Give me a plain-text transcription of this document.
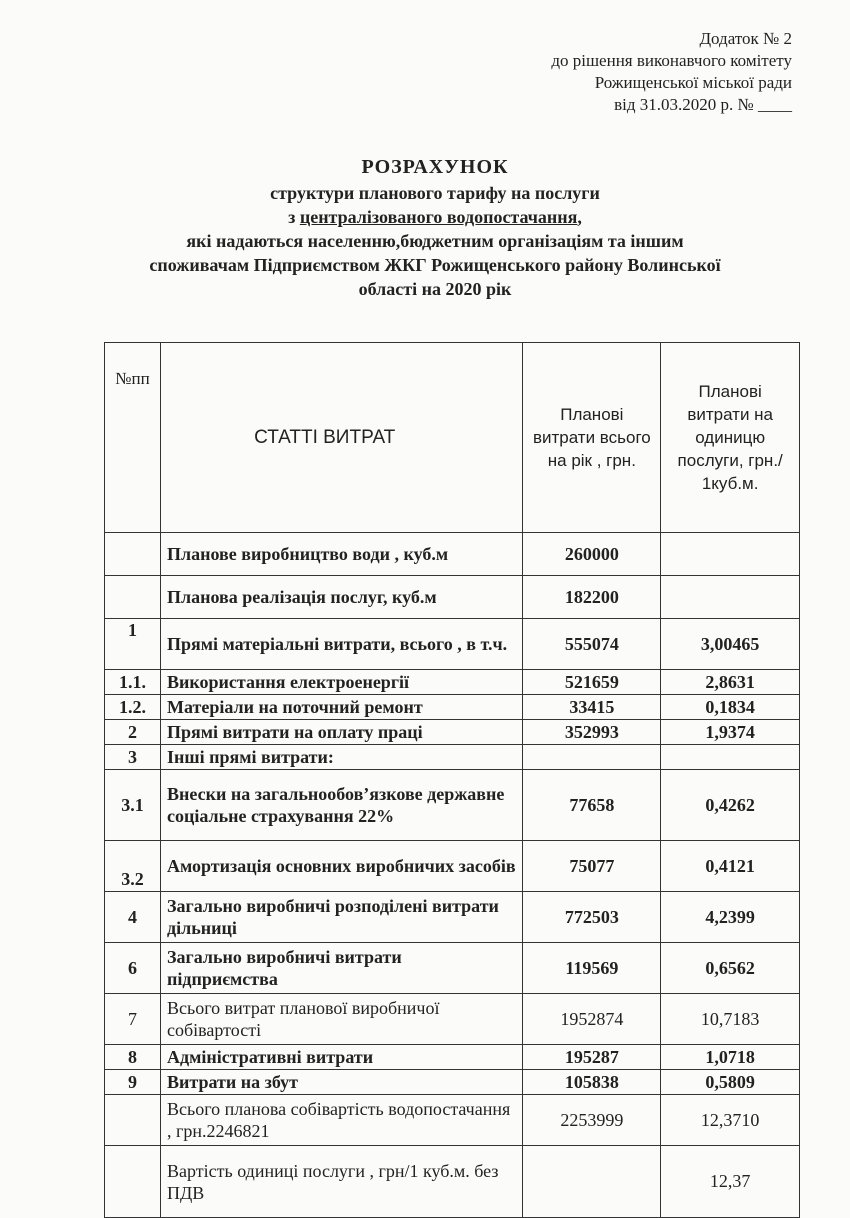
Додаток № 2
до рішення виконавчого комітету
Рожищенської міської ради
від 31.03.2020 р. № ____
РОЗРАХУНОК
структури планового тарифу на послуги
з централізованого водопостачання,
які надаються населенню,бюджетним організаціям та іншим
споживачам Підприємством ЖКГ Рожищенського району Волинської
області на 2020 рік
№пп	СТАТТІ ВИТРАТ	Планові витрати всього на рік , грн.	Планові витрати на одиницю послуги, грн./ 1куб.м.
	Планове виробництво води , куб.м	260000	
	Планова реалізація послуг, куб.м	182200	
1	Прямі матеріальні витрати, всього , в т.ч.	555074	3,00465
1.1.	Використання електроенергії	521659	2,8631
1.2.	Матеріали на поточний ремонт	33415	0,1834
2	Прямі витрати на оплату праці	352993	1,9374
3	Інші прямі витрати:		
3.1	Внески на загальнообов’язкове державне соціальне страхування 22%	77658	0,4262
3.2	Амортизація основних виробничих засобів	75077	0,4121
4	Загально виробничі розподілені витрати дільниці	772503	4,2399
6	Загально виробничі витрати підприємства	119569	0,6562
7	Всього витрат планової виробничої собівартості	1952874	10,7183
8	Адміністративні витрати	195287	1,0718
9	Витрати на збут	105838	0,5809
	Всього планова собівартість водопостачання , грн.2246821	2253999	12,3710
	Вартість одиниці послуги , грн/1 куб.м. без ПДВ		12,37
